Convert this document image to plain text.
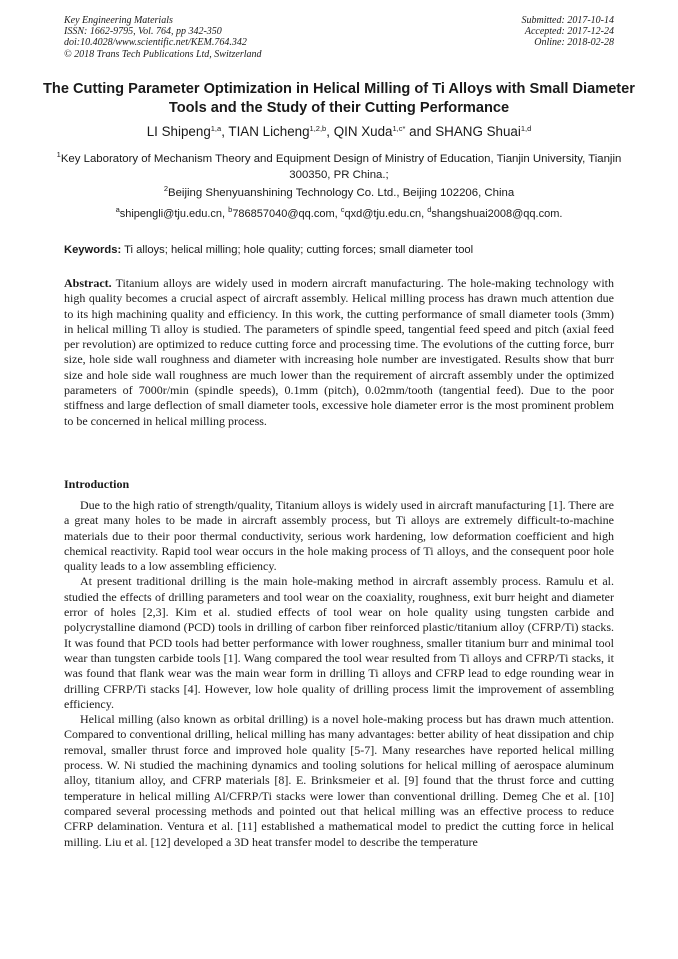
Key Engineering Materials
ISSN: 1662-9795, Vol. 764, pp 342-350
doi:10.4028/www.scientific.net/KEM.764.342
© 2018 Trans Tech Publications Ltd, Switzerland
Submitted: 2017-10-14
Accepted: 2017-12-24
Online: 2018-02-28
The Cutting Parameter Optimization in Helical Milling of Ti Alloys with Small Diameter Tools and the Study of their Cutting Performance
LI Shipeng$^{1,a}$, TIAN Licheng$^{1,2,b}$, QIN Xuda$^{1,c*}$ and SHANG Shuai$^{1,d}$
$^1$Key Laboratory of Mechanism Theory and Equipment Design of Ministry of Education, Tianjin University, Tianjin 300350, PR China.;
$^2$Beijing Shenyuanshining Technology Co. Ltd., Beijing 102206, China
$^a$shipengli@tju.edu.cn, $^b$786857040@qq.com, $^c$qxd@tju.edu.cn, $^d$shangshuai2008@qq.com.
Keywords: Ti alloys; helical milling; hole quality; cutting forces; small diameter tool
Abstract. Titanium alloys are widely used in modern aircraft manufacturing. The hole-making technology with high quality becomes a crucial aspect of aircraft assembly. Helical milling process has drawn much attention due to its high machining quality and efficiency. In this work, the cutting performance of small diameter tools (3mm) in helical milling Ti alloy is studied. The parameters of spindle speed, tangential feed speed and pitch (axial feed per revolution) are optimized to reduce cutting force and processing time. The evolutions of the cutting force, burr size, hole side wall roughness and diameter with increasing hole number are investigated. Results show that burr size and hole side wall roughness are much lower than the requirement of aircraft assembly under the optimized parameters of 7000r/min (spindle speeds), 0.1mm (pitch), 0.02mm/tooth (tangential feed). Due to the poor stiffness and large deflection of small diameter tools, excessive hole diameter error is the most prominent problem to be concerned in helical milling process.
Introduction

Due to the high ratio of strength/quality, Titanium alloys is widely used in aircraft manufacturing [1]. There are a great many holes to be made in aircraft assembly process, but Ti alloys are extremely difficult-to-machine materials due to their poor thermal conductivity, serious work hardening, low deformation coefficient and high chemical reactivity. Rapid tool wear occurs in the hole making process of Ti alloys, and the consequent poor hole quality leads to a low assembling efficiency.

At present traditional drilling is the main hole-making method in aircraft assembly process. Ramulu et al. studied the effects of drilling parameters and tool wear on the coaxiality, roughness, exit burr height and diameter error of holes [2,3]. Kim et al. studied effects of tool wear on hole quality using tungsten carbide and polycrystalline diamond (PCD) tools in drilling of carbon fiber reinforced plastic/titanium alloy (CFRP/Ti) stacks. It was found that PCD tools had better performance with lower roughness, smaller titanium burr and minimal tool wear than tungsten carbide tools [1]. Wang compared the tool wear resulted from Ti alloys and CFRP/Ti stacks, it was found that flank wear was the main wear form in drilling Ti alloys and CFRP lead to edge rounding wear in drilling CFRP/Ti stacks [4]. However, low hole quality of drilling process limit the improvement of assembling efficiency.

Helical milling (also known as orbital drilling) is a novel hole-making process but has drawn much attention. Compared to conventional drilling, helical milling has many advantages: better ability of heat dissipation and chip removal, smaller thrust force and improved hole quality [5-7]. Many researches have reported helical milling process. W. Ni studied the machining dynamics and tooling solutions for helical milling of aerospace aluminum alloy, titanium alloy, and CFRP materials [8]. E. Brinksmeier et al. [9] found that the thrust force and cutting temperature in helical milling Al/CFRP/Ti stacks were lower than conventional drilling. Demeg Che et al. [10] compared several processing methods and pointed out that helical milling was an effective process to reduce CFRP delamination. Ventura et al. [11] established a mathematical model to predict the cutting force in helical milling. Liu et al. [12] developed a 3D heat transfer model to describe the temperature
